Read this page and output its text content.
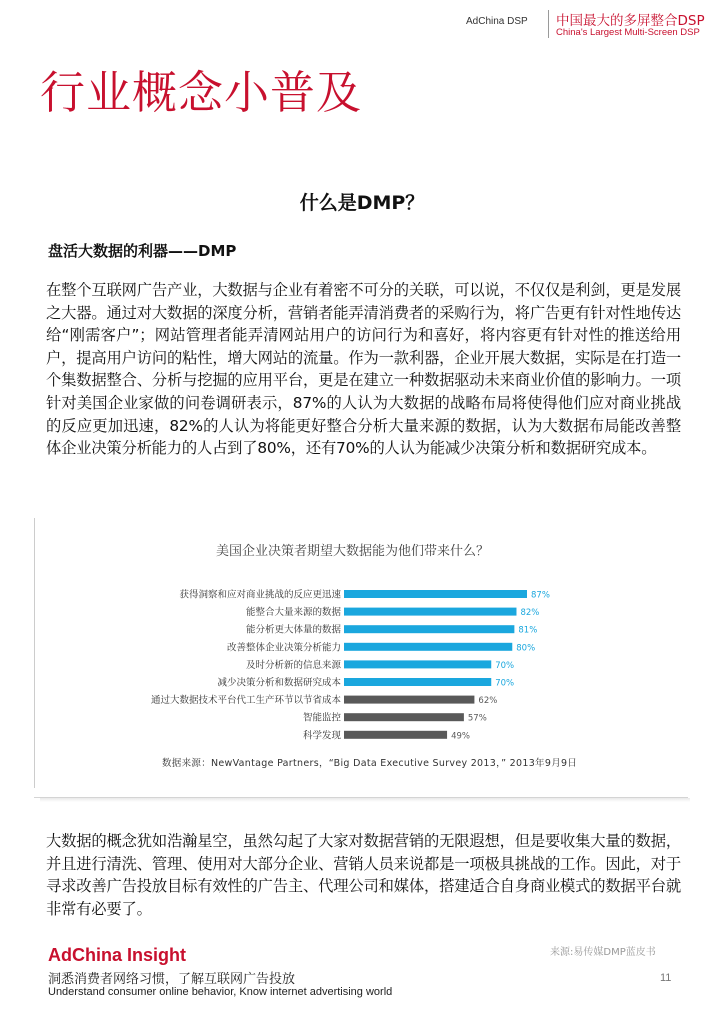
AdChina DSP 中国最大的多屏整合DSP
China's Largest Multi-Screen DSP
行业概念小普及
什么是DMP？
盘活大数据的利器——DMP
在整个互联网广告产业，大数据与企业有着密不可分的关联，可以说，不仅仅是利剑，更是发展之大器。通过对大数据的深度分析，营销者能弄清消费者的采购行为，将广告更有针对性地传达给“刚需客户”；网站管理者能弄清网站用户的访问行为和喜好，将内容更有针对性的推送给用户，提高用户访问的粘性，增大网站的流量。作为一款利器，企业开展大数据，实际是在打造一个集数据整合、分析与挖掘的应用平台，更是在建立一种数据驱动未来商业价值的影响力。一项针对美国企业家做的问卷调研表示，87%的人认为大数据的战略布局将使得他们应对商业挑战的反应更加迅速，82%的人认为将能更好整合分析大量来源的数据，认为大数据布局能改善整体企业决策分析能力的人占到了80%，还有70%的人认为能减少决策分析和数据研究成本。
获得洞察和应对商业挑战的反应更迅速	87%
能整合大量来源的数据	82%
能分析更大体量的数据	81%
改善整体企业决策分析能力	80%
及时分析新的信息来源	70%
减少决策分析和数据研究成本	70%
通过大数据技术平台代工生产环节以节省成本	62%
智能监控	57%
科学发现	49%
美国企业决策者期望大数据能为他们带来什么？
数据来源：NewVantage Partners，“Big Data Executive Survey 2013，” 2013年9月9日
大数据的概念犹如浩瀚星空，虽然勾起了大家对数据营销的无限遐想，但是要收集大量的数据，并且进行清洗、管理、使用对大部分企业、营销人员来说都是一项极具挑战的工作。因此，对于寻求改善广告投放目标有效性的广告主、代理公司和媒体，搭建适合自身商业模式的数据平台就非常有必要了。
AdChina Insight	来源:易传媒DMP蓝皮书
洞悉消费者网络习惯，了解互联网广告投放
Understand consumer online behavior, Know internet advertising world
11
